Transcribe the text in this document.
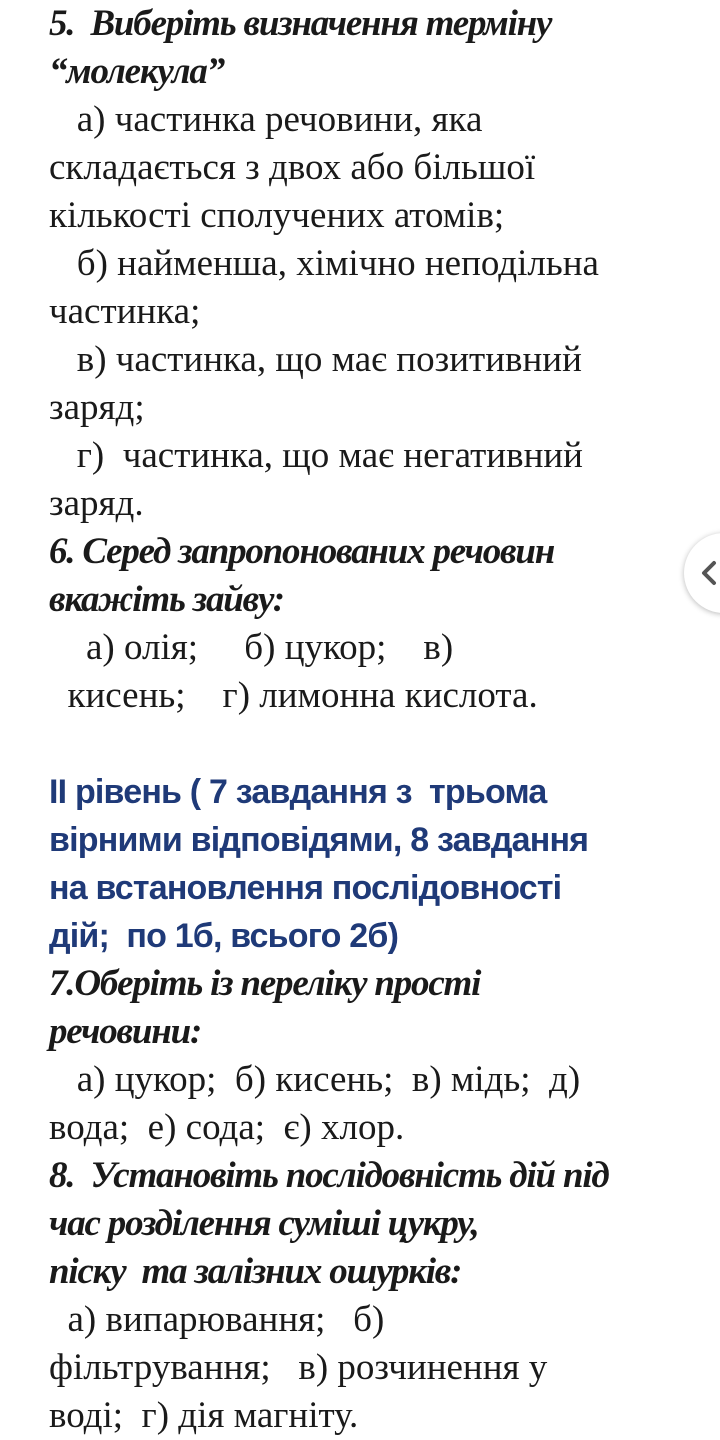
5.  Виберіть визначення терміну
“молекула”
а) частинка речовини, яка
складається з двох або більшої
кількості сполучених атомів;
б) найменша, хімічно неподільна
частинка;
в) частинка, що має позитивний
заряд;
г)  частинка, що має негативний
заряд.
6. Серед запропонованих речовин
вкажіть зайву:
а) олія;     б) цукор;    в)
кисень;    г) лимонна кислота.
ІІ рівень ( 7 завдання з  трьома
вірними відповідями, 8 завдання
на встановлення послідовності
дій;  по 1б, всього 2б)
7.Оберіть із переліку прості
речовини:
а) цукор;  б) кисень;  в) мідь;  д)
вода;  е) сода;  є) хлор.
8.  Установіть послідовність дій під
час розділення суміші цукру,
піску  та залізних ошурків:
а) випарювання;   б)
фільтрування;   в) розчинення у
воді;  г) дія магніту.
